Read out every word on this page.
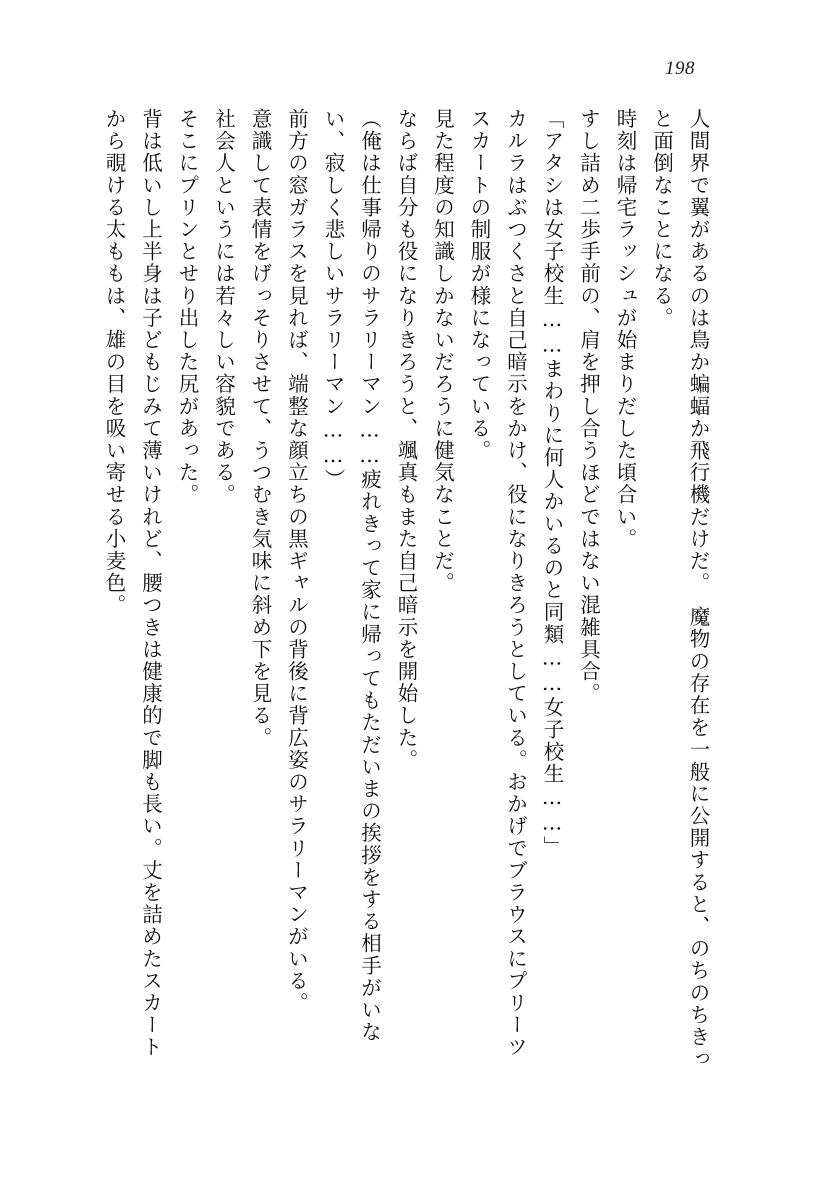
198

人間界で翼があるのは鳥か蝙蝠か飛行機だけだ。　魔物の存在を一般に公開すると、のちのちきっと面倒なことになる。

時刻は帰宅ラッシュが始まりだした頃合い。

すし詰め二歩手前の、肩を押し合うほどではない混雑具合。

「アタシは女子校生……まわりに何人かいるのと同類……女子校生……」

カルラはぶつくさと自己暗示をかけ、役になりきろうとしている。おかげでブラウスにプリーツスカートの制服が様になっている。

見た程度の知識しかないだろうに健気なことだ。

ならば自分も役になりきろうと、颯真もまた自己暗示を開始した。

（俺は仕事帰りのサラリーマン……疲れきって家に帰ってもただいまの挨拶をする相手がいない、寂しく悲しいサラリーマン……）

前方の窓ガラスを見れば、端整な顔立ちの黒ギャルの背後に背広姿のサラリーマンがいる。

意識して表情をげっそりさせて、うつむき気味に斜め下を見る。

社会人というには若々しい容貌である。

そこにプリンとせり出した尻があった。

背は低いし上半身は子どもじみて薄いけれど、腰つきは健康的で脚も長い。丈を詰めたスカートから覗ける太ももは、雄の目を吸い寄せる小麦色。
